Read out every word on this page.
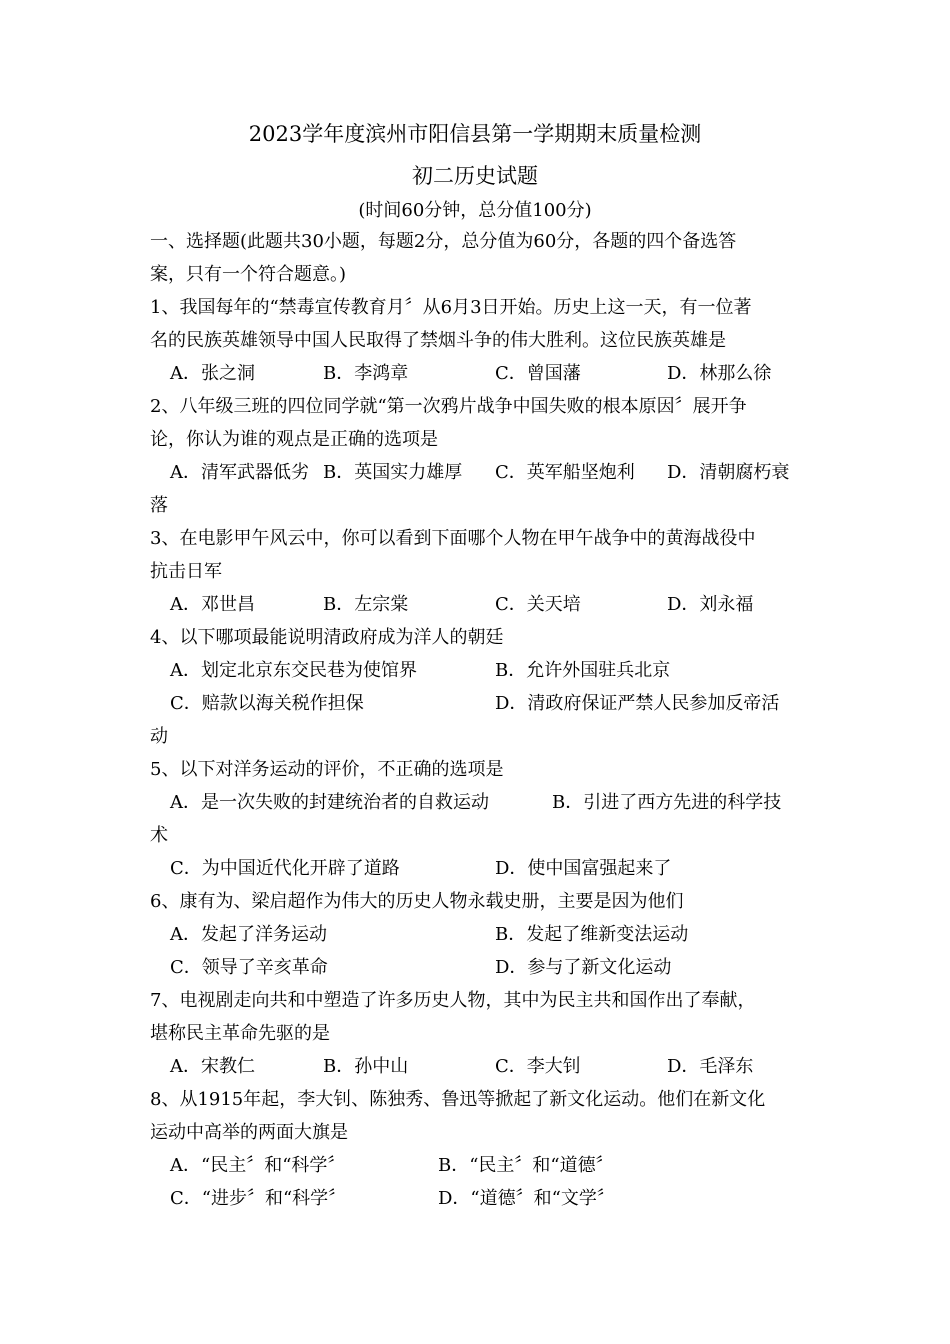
2023学年度滨州市阳信县第一学期期末质量检测
初二历史试题
(时间60分钟，总分值100分)
一、选择题(此题共30小题，每题2分，总分值为60分，各题的四个备选答
案，只有一个符合题意。)
1、我国每年的“禁毒宣传教育月〞从6月3日开始。历史上这一天，有一位著
名的民族英雄领导中国人民取得了禁烟斗争的伟大胜利。这位民族英雄是
A．张之洞	B．李鸿章	C．曾国藩	D．林那么徐
2、八年级三班的四位同学就“第一次鸦片战争中国失败的根本原因〞展开争
论，你认为谁的观点是正确的选项是
A．清军武器低劣 B．英国实力雄厚 C．英军船坚炮利 D．清朝腐朽衰
落
3、在电影甲午风云中，你可以看到下面哪个人物在甲午战争中的黄海战役中
抗击日军
A．邓世昌	B．左宗棠	C．关天培	D．刘永福
4、以下哪项最能说明清政府成为洋人的朝廷
A．划定北京东交民巷为使馆界	B．允许外国驻兵北京
C．赔款以海关税作担保	D．清政府保证严禁人民参加反帝活
动
5、以下对洋务运动的评价，不正确的选项是
A．是一次失败的封建统治者的自救运动	B．引进了西方先进的科学技
术
C．为中国近代化开辟了道路	D．使中国富强起来了
6、康有为、梁启超作为伟大的历史人物永载史册，主要是因为他们
A．发起了洋务运动	B．发起了维新变法运动
C．领导了辛亥革命	D．参与了新文化运动
7、电视剧走向共和中塑造了许多历史人物，其中为民主共和国作出了奉献，
堪称民主革命先驱的是
A．宋教仁	B．孙中山	C．李大钊	D．毛泽东
8、从1915年起，李大钊、陈独秀、鲁迅等掀起了新文化运动。他们在新文化
运动中高举的两面大旗是
A．“民主〞和“科学〞	B．“民主〞和“道德〞
C．“进步〞和“科学〞	D．“道德〞和“文学〞
